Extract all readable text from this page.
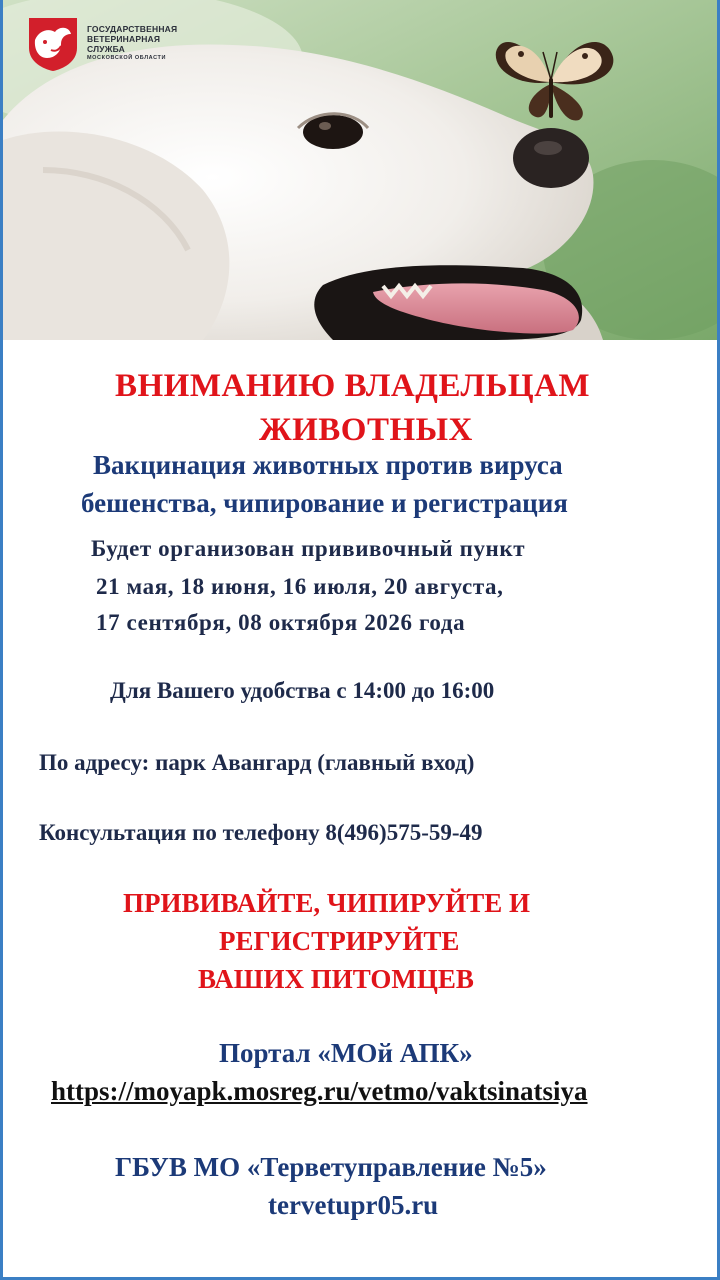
ГОСУДАРСТВЕННАЯ
ВЕТЕРИНАРНАЯ
СЛУЖБА
МОСКОВСКОЙ ОБЛАСТИ
ВНИМАНИЮ ВЛАДЕЛЬЦАМ
ЖИВОТНЫХ
Вакцинация животных против вируса
бешенства, чипирование и регистрация
Будет организован прививочный пункт
21 мая, 18 июня, 16 июля, 20 августа,
17 сентября, 08 октября 2026 года
Для Вашего удобства с 14:00 до 16:00
По адресу: парк Авангард (главный вход)
Консультация по телефону 8(496)575-59-49
ПРИВИВАЙТЕ, ЧИПИРУЙТЕ И
РЕГИСТРИРУЙТЕ
ВАШИХ ПИТОМЦЕВ
Портал «МОй АПК»
https://moyapk.mosreg.ru/vetmo/vaktsinatsiya
ГБУВ МО «Терветуправление №5»
tervetupr05.ru
